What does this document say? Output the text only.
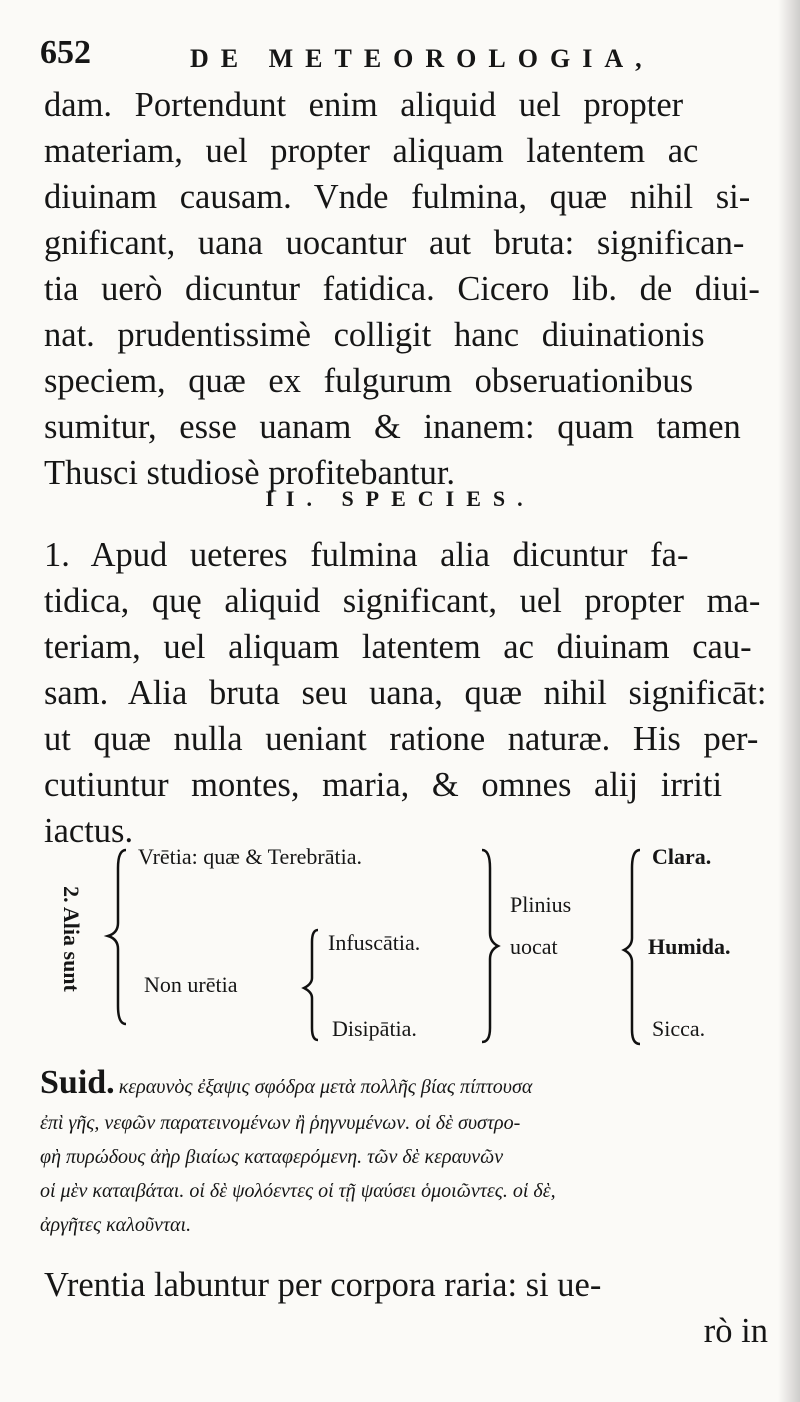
652	DE METEOROLOGIA,

dam. Portendunt enim aliquid uel propter
materiam, uel propter aliquam latentem ac
diuinam causam. Vnde fulmina, quæ nihil si-
gnificant, uana uocantur aut bruta: significan-
tia uerò dicuntur fatidica. Cicero lib. de diui-
nat. prudentissimè colligit hanc diuinationis
speciem, quæ ex fulgurum obseruationibus
sumitur, esse uanam & inanem: quam tamen
Thusci studiosè profitebantur.

II. SPECIES.

1. Apud ueteres fulmina alia dicuntur fa-
tidica, quę aliquid significant, uel propter ma-
teriam, uel aliquam latentem ac diuinam cau-
sam. Alia bruta seu uana, quæ nihil significāt:
ut quæ nulla ueniant ratione naturæ. His per-
cutiuntur montes, maria, & omnes alij irriti
iactus.

2. Alia sunt
Vrētia: quæ & Terebrātia.
Non urētia
Infuscātia.
Disipātia.
Plinius
uocat
Clara.
Humida.
Sicca.
Suid. κεραυνὸς ἐξαψις σφόδρα μετὰ πολλῆς βίας πίπτουσα
ἐπὶ γῆς, νεφῶν παρατεινομένων ἢ ῥηγνυμένων. οἱ δὲ συστρο-
φὴ πυρώδους ἀὴρ βιαίως καταφερόμενη. τῶν δὲ κεραυνῶν
οἱ μὲν καταιβάται. οἱ δὲ ψολόεντες οἱ τῇ ψαύσει ὁμοιῶντες. οἱ δὲ,
ἀργῆτες καλοῦνται.

Vrentia labuntur per corpora raria: si ue-

rò in
